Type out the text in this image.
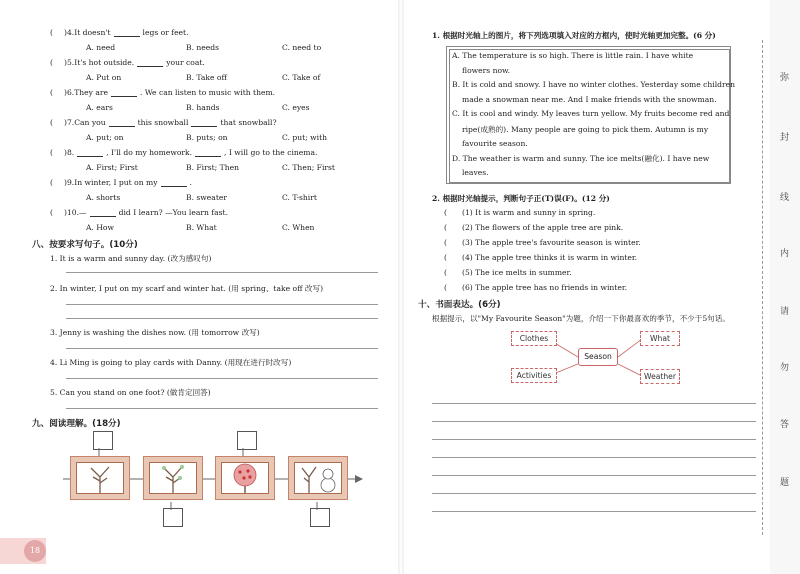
( )4.It doesn't	legs or feet.
A. need	B. needs	C. need to
( )5.It's hot outside.	your coat.
A. Put on	B. Take off	C. Take of
( )6.They are	. We can listen to music with them.
A. ears	B. hands	C. eyes
( )7.Can you	this snowball	that snowball?
A. put; on	B. puts; on	C. put; with
( )8.	, I'll do my homework.	, I will go to the cinema.
A. First; First	B. First; Then	C. Then; First
( )9.In winter, I put on my	.
A. shorts	B. sweater	C. T-shirt
( )10.—	did I learn? —You learn fast.
A. How	B. What	C. When
八、按要求写句子。(10分)
1. It is a warm and sunny day. (改为感叹句)
2. In winter, I put on my scarf and winter hat. (用 spring、take off 改写)
3. Jenny is washing the dishes now. (用 tomorrow 改写)
4. Li Ming is going to play cards with Danny. (用现在进行时改写)
5. Can you stand on one foot? (做肯定回答)
九、阅读理解。(18分)
18
1. 根据时光轴上的图片，将下列选项填入对应的方框内，使时光轴更加完整。(6 分)
A. The temperature is so high. There is little rain. I have white
flowers now.
B. It is cold and snowy. I have no winter clothes. Yesterday some children
made a snowman near me. And I make friends with the snowman.
C. It is cool and windy. My leaves turn yellow. My fruits become red and
ripe(成熟的). Many people are going to pick them. Autumn is my
favourite season.
D. The weather is warm and sunny. The ice melts(融化). I have new
leaves.
2. 根据时光轴提示，判断句子正(T)误(F)。(12 分)
( (1) It is warm and sunny in spring.
( (2) The flowers of the apple tree are pink.
( (3) The apple tree's favourite season is winter.
( (4) The apple tree thinks it is warm in winter.
( (5) The ice melts in summer.
( (6) The apple tree has no friends in winter.
十、书面表达。(6分)
根据提示，以"My Favourite Season"为题，介绍一下你最喜欢的季节，不少于5句话。
Clothes	What
Activities	Weather
Season
弥
封
线
内
请
勿
答
题
